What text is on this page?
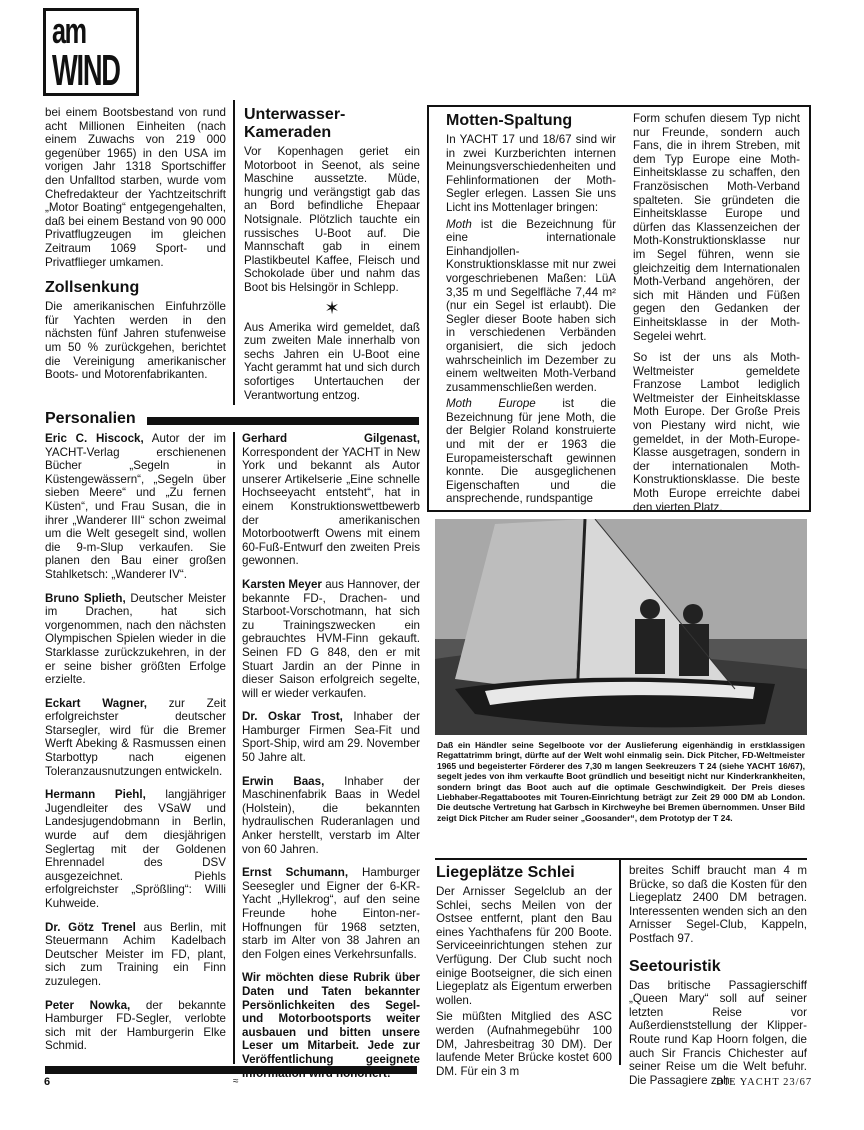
am
WIND

bei einem Bootsbestand von rund acht Millionen Einheiten (nach einem Zuwachs von 219 000 gegenüber 1965) in den USA im vorigen Jahr 1318 Sportschiffer den Unfalltod starben, wurde vom Chefredakteur der Yachtzeitschrift „Motor Boating“ entgegengehalten, daß bei einem Bestand von 90 000 Privatflugzeugen im gleichen Zeitraum 1069 Sport- und Privatflieger umkamen.

Zollsenkung

Die amerikanischen Einfuhrzölle für Yachten werden in den nächsten fünf Jahren stufenweise um 50 % zurückgehen, berichtet die Vereinigung amerikanischer Boots- und Motorenfabrikanten.

Unterwasser-Kameraden

Vor Kopenhagen geriet ein Motorboot in Seenot, als seine Maschine aussetzte. Müde, hungrig und verängstigt gab das an Bord befindliche Ehepaar Notsignale. Plötzlich tauchte ein russisches U-Boot auf. Die Mannschaft gab in einem Plastikbeutel Kaffee, Fleisch und Schokolade über und nahm das Boot bis Helsingör in Schlepp.

✶

Aus Amerika wird gemeldet, daß zum zweiten Male innerhalb von sechs Jahren ein U-Boot eine Yacht gerammt hat und sich durch sofortiges Untertauchen der Verantwortung entzog.

Motten-Spaltung

In YACHT 17 und 18/67 sind wir in zwei Kurzberichten internen Meinungsverschiedenheiten und Fehlinformationen der Moth-Segler erlegen. Lassen Sie uns Licht ins Mottenlager bringen:

Moth ist die Bezeichnung für eine internationale Einhandjollen-Konstruktionsklasse mit nur zwei vorgeschriebenen Maßen: LüA 3,35 m und Segelfläche 7,44 m² (nur ein Segel ist erlaubt). Die Segler dieser Boote haben sich in verschiedenen Verbänden organisiert, die sich jedoch wahrscheinlich im Dezember zu einem weltweiten Moth-Verband zusammenschließen werden.

Moth Europe ist die Bezeichnung für jene Moth, die der Belgier Roland konstruierte und mit der er 1963 die Europameisterschaft gewinnen konnte. Die ausgeglichenen Eigenschaften und die ansprechende, rundspantige

Form schufen diesem Typ nicht nur Freunde, sondern auch Fans, die in ihrem Streben, mit dem Typ Europe eine Moth-Einheitsklasse zu schaffen, den Französischen Moth-Verband spalteten. Sie gründeten die Einheitsklasse Europe und dürfen das Klassenzeichen der Moth-Konstruktionsklasse nur im Segel führen, wenn sie gleichzeitig dem Internationalen Moth-Verband angehören, der sich mit Händen und Füßen gegen den Gedanken der Einheitsklasse in der Moth-Segelei wehrt.

So ist der uns als Moth-Weltmeister gemeldete Franzose Lambot lediglich Weltmeister der Einheitsklasse Moth Europe. Der Große Preis von Piestany wird nicht, wie gemeldet, in der Moth-Europe-Klasse ausgetragen, sondern in der internationalen Moth-Konstruktionsklasse. Die beste Moth Europe erreichte dabei den vierten Platz.

Personalien
Eric C. Hiscock, Autor der im YACHT-Verlag erschienenen Bücher „Segeln in Küstengewässern“, „Segeln über sieben Meere“ und „Zu fernen Küsten“, und Frau Susan, die in ihrer „Wanderer III“ schon zweimal um die Welt gesegelt sind, wollen die 9-m-Slup verkaufen. Sie planen den Bau einer großen Stahlketsch: „Wanderer IV“.
Bruno Splieth, Deutscher Meister im Drachen, hat sich vorgenommen, nach den nächsten Olympischen Spielen wieder in die Starklasse zurückzukehren, in der er seine bisher größten Erfolge erzielte.
Eckart Wagner, zur Zeit erfolgreichster deutscher Starsegler, wird für die Bremer Werft Abeking & Rasmussen einen Starbottyp nach eigenen Toleranzausnutzungen entwickeln.
Hermann Piehl, langjähriger Jugendleiter des VSaW und Landesjugendobmann in Berlin, wurde auf dem diesjährigen Seglertag mit der Goldenen Ehrennadel des DSV ausgezeichnet. Piehls erfolgreichster „Sprößling“: Willi Kuhweide.
Dr. Götz Trenel aus Berlin, mit Steuermann Achim Kadelbach Deutscher Meister im FD, plant, sich zum Training ein Finn zuzulegen.
Peter Nowka, der bekannte Hamburger FD-Segler, verlobte sich mit der Hamburgerin Elke Schmid.
Gerhard Gilgenast, Korrespondent der YACHT in New York und bekannt als Autor unserer Artikelserie „Eine schnelle Hochseeyacht entsteht“, hat in einem Konstruktionswettbewerb der amerikanischen Motorbootwerft Owens mit einem 60-Fuß-Entwurf den zweiten Preis gewonnen.
Karsten Meyer aus Hannover, der bekannte FD-, Drachen- und Starboot-Vorschotmann, hat sich zu Trainingszwecken ein gebrauchtes HVM-Finn gekauft. Seinen FD G 848, den er mit Stuart Jardin an der Pinne in dieser Saison erfolgreich segelte, will er wieder verkaufen.
Dr. Oskar Trost, Inhaber der Hamburger Firmen Sea-Fit und Sport-Ship, wird am 29. November 50 Jahre alt.
Erwin Baas, Inhaber der Maschinenfabrik Baas in Wedel (Holstein), die bekannten hydraulischen Ruderanlagen und Anker herstellt, verstarb im Alter von 60 Jahren.
Ernst Schumann, Hamburger Seesegler und Eigner der 6-KR-Yacht „Hyllekrog“, auf den seine Freunde hohe Einton-ner-Hoffnungen für 1968 setzten, starb im Alter von 38 Jahren an den Folgen eines Verkehrsunfalls.

Wir möchten diese Rubrik über Daten und Taten bekannter Persönlichkeiten des Segel- und Motorbootsports weiter ausbauen und bitten unsere Leser um Mitarbeit. Jede zur Veröffentlichung geeignete

Daß ein Händler seine Segelboote vor der Auslieferung eigenhändig in erstklassigen Regattatrimm bringt, dürfte auf der Welt wohl einmalig sein. Dick Pitcher, FD-Weltmeister 1965 und begeisterter Förderer des 7,30 m langen Seekreuzers T 24 (siehe YACHT 16/67), segelt jedes von ihm verkaufte Boot gründlich und beseitigt nicht nur Kinderkrankheiten, sondern bringt das Boot auch auf die optimale Geschwindigkeit. Der Preis dieses Liebhaber-Regattabootes mit Touren-Einrichtung beträgt zur Zeit 29 000 DM ab London. Die deutsche Vertretung hat Garbsch in Kirchweyhe bei Bremen übernommen. Unser Bild zeigt Dick Pitcher am Ruder seiner „Goosander“, dem Prototyp der T 24.
Liegeplätze Schlei

Der Arnisser Segelclub an der Schlei, sechs Meilen von der Ostsee entfernt, plant den Bau eines Yachthafens für 200 Boote. Serviceeinrichtungen stehen zur Verfügung. Der Club sucht noch einige Bootseigner, die sich einen Liegeplatz als Eigentum erwerben wollen.

Sie müßten Mitglied des ASC werden (Aufnahmegebühr 100 DM, Jahresbeitrag 30 DM). Der laufende Meter Brücke kostet 600 DM. Für ein 3 m

breites Schiff braucht man 4 m Brücke, so daß die Kosten für den Liegeplatz 2400 DM betragen. Interessenten wenden sich an den Arnisser Segel-Club, Kappeln, Postfach 97.

Seetouristik

Das britische Passagierschiff „Queen Mary“ soll auf seiner letzten Reise vor Außerdienststellung der Klipper-Route rund Kap Hoorn folgen, die auch Sir Francis Chichester auf seiner Reise um die Welt befuhr. Die Passagiere zah-

6	≈	DIE YACHT 23/67
